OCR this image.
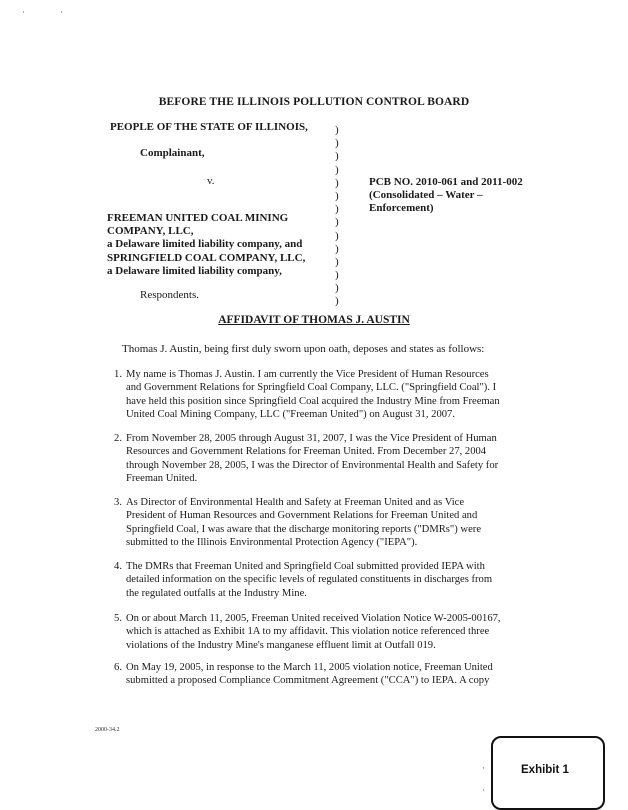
·	·
BEFORE THE ILLINOIS POLLUTION CONTROL BOARD
PEOPLE OF THE STATE OF ILLINOIS,
Complainant,
v.
FREEMAN UNITED COAL MINING
COMPANY, LLC,
a Delaware limited liability company, and
SPRINGFIELD COAL COMPANY, LLC,
a Delaware limited liability company,
Respondents.
)
)
)
)
)
)
)
)
)
)
)
)
)
)
PCB NO. 2010-061 and 2011-002
(Consolidated – Water –
Enforcement)
AFFIDAVIT OF THOMAS J. AUSTIN
Thomas J. Austin, being first duly sworn upon oath, deposes and states as follows:
1. My name is Thomas J. Austin. I am currently the Vice President of Human Resources
and Government Relations for Springfield Coal Company, LLC. ("Springfield Coal"). I
have held this position since Springfield Coal acquired the Industry Mine from Freeman
United Coal Mining Company, LLC ("Freeman United") on August 31, 2007.
2. From November 28, 2005 through August 31, 2007, I was the Vice President of Human
Resources and Government Relations for Freeman United. From December 27, 2004
through November 28, 2005, I was the Director of Environmental Health and Safety for
Freeman United.
3. As Director of Environmental Health and Safety at Freeman United and as Vice
President of Human Resources and Government Relations for Freeman United and
Springfield Coal, I was aware that the discharge monitoring reports ("DMRs") were
submitted to the Illinois Environmental Protection Agency ("IEPA").
4. The DMRs that Freeman United and Springfield Coal submitted provided IEPA with
detailed information on the specific levels of regulated constituents in discharges from
the regulated outfalls at the Industry Mine.
5. On or about March 11, 2005, Freeman United received Violation Notice W-2005-00167,
which is attached as Exhibit 1A to my affidavit. This violation notice referenced three
violations of the Industry Mine's manganese effluent limit at Outfall 019.
6. On May 19, 2005, in response to the March 11, 2005 violation notice, Freeman United
submitted a proposed Compliance Commitment Agreement ("CCA") to IEPA. A copy
2000-34.2
·
·
Exhibit 1
